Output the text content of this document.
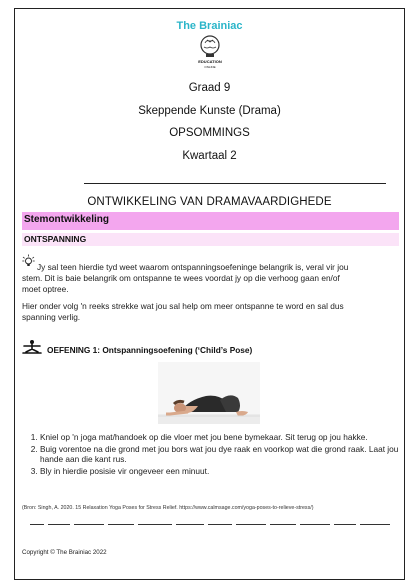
The Brainiac
EDUCATION
ONLINE
Graad 9
Skeppende Kunste (Drama)
OPSOMMINGS
Kwartaal 2
ONTWIKKELING VAN DRAMAVAARDIGHEDE
Stemontwikkeling
ONTSPANNING
Jy sal teen hierdie tyd weet waarom ontspanningsoefeninge belangrik is, veral vir jou
stem. Dit is baie belangrik om ontspanne te wees voordat jy op die verhoog gaan en/of
moet optree.
Hier onder volg 'n reeks strekke wat jou sal help om meer ontspanne te word en sal dus
spanning verlig.
OEFENING 1: Ontspanningsoefening (‘Child’s Pose)
1. Kniel op 'n joga mat/handoek op die vloer met jou bene bymekaar. Sit terug op jou hakke.
2. Buig vorentoe na die grond met jou bors wat jou dye raak en voorkop wat die grond raak. Laat jou hande aan die kant rus.
3. Bly in hierdie posisie vir ongeveer een minuut.
(Bron: Singh, A. 2020. 15 Relaxation Yoga Poses for Stress Relief. https://www.calmsage.com/yoga-poses-to-relieve-stress/)
Copyright © The Brainiac 2022
